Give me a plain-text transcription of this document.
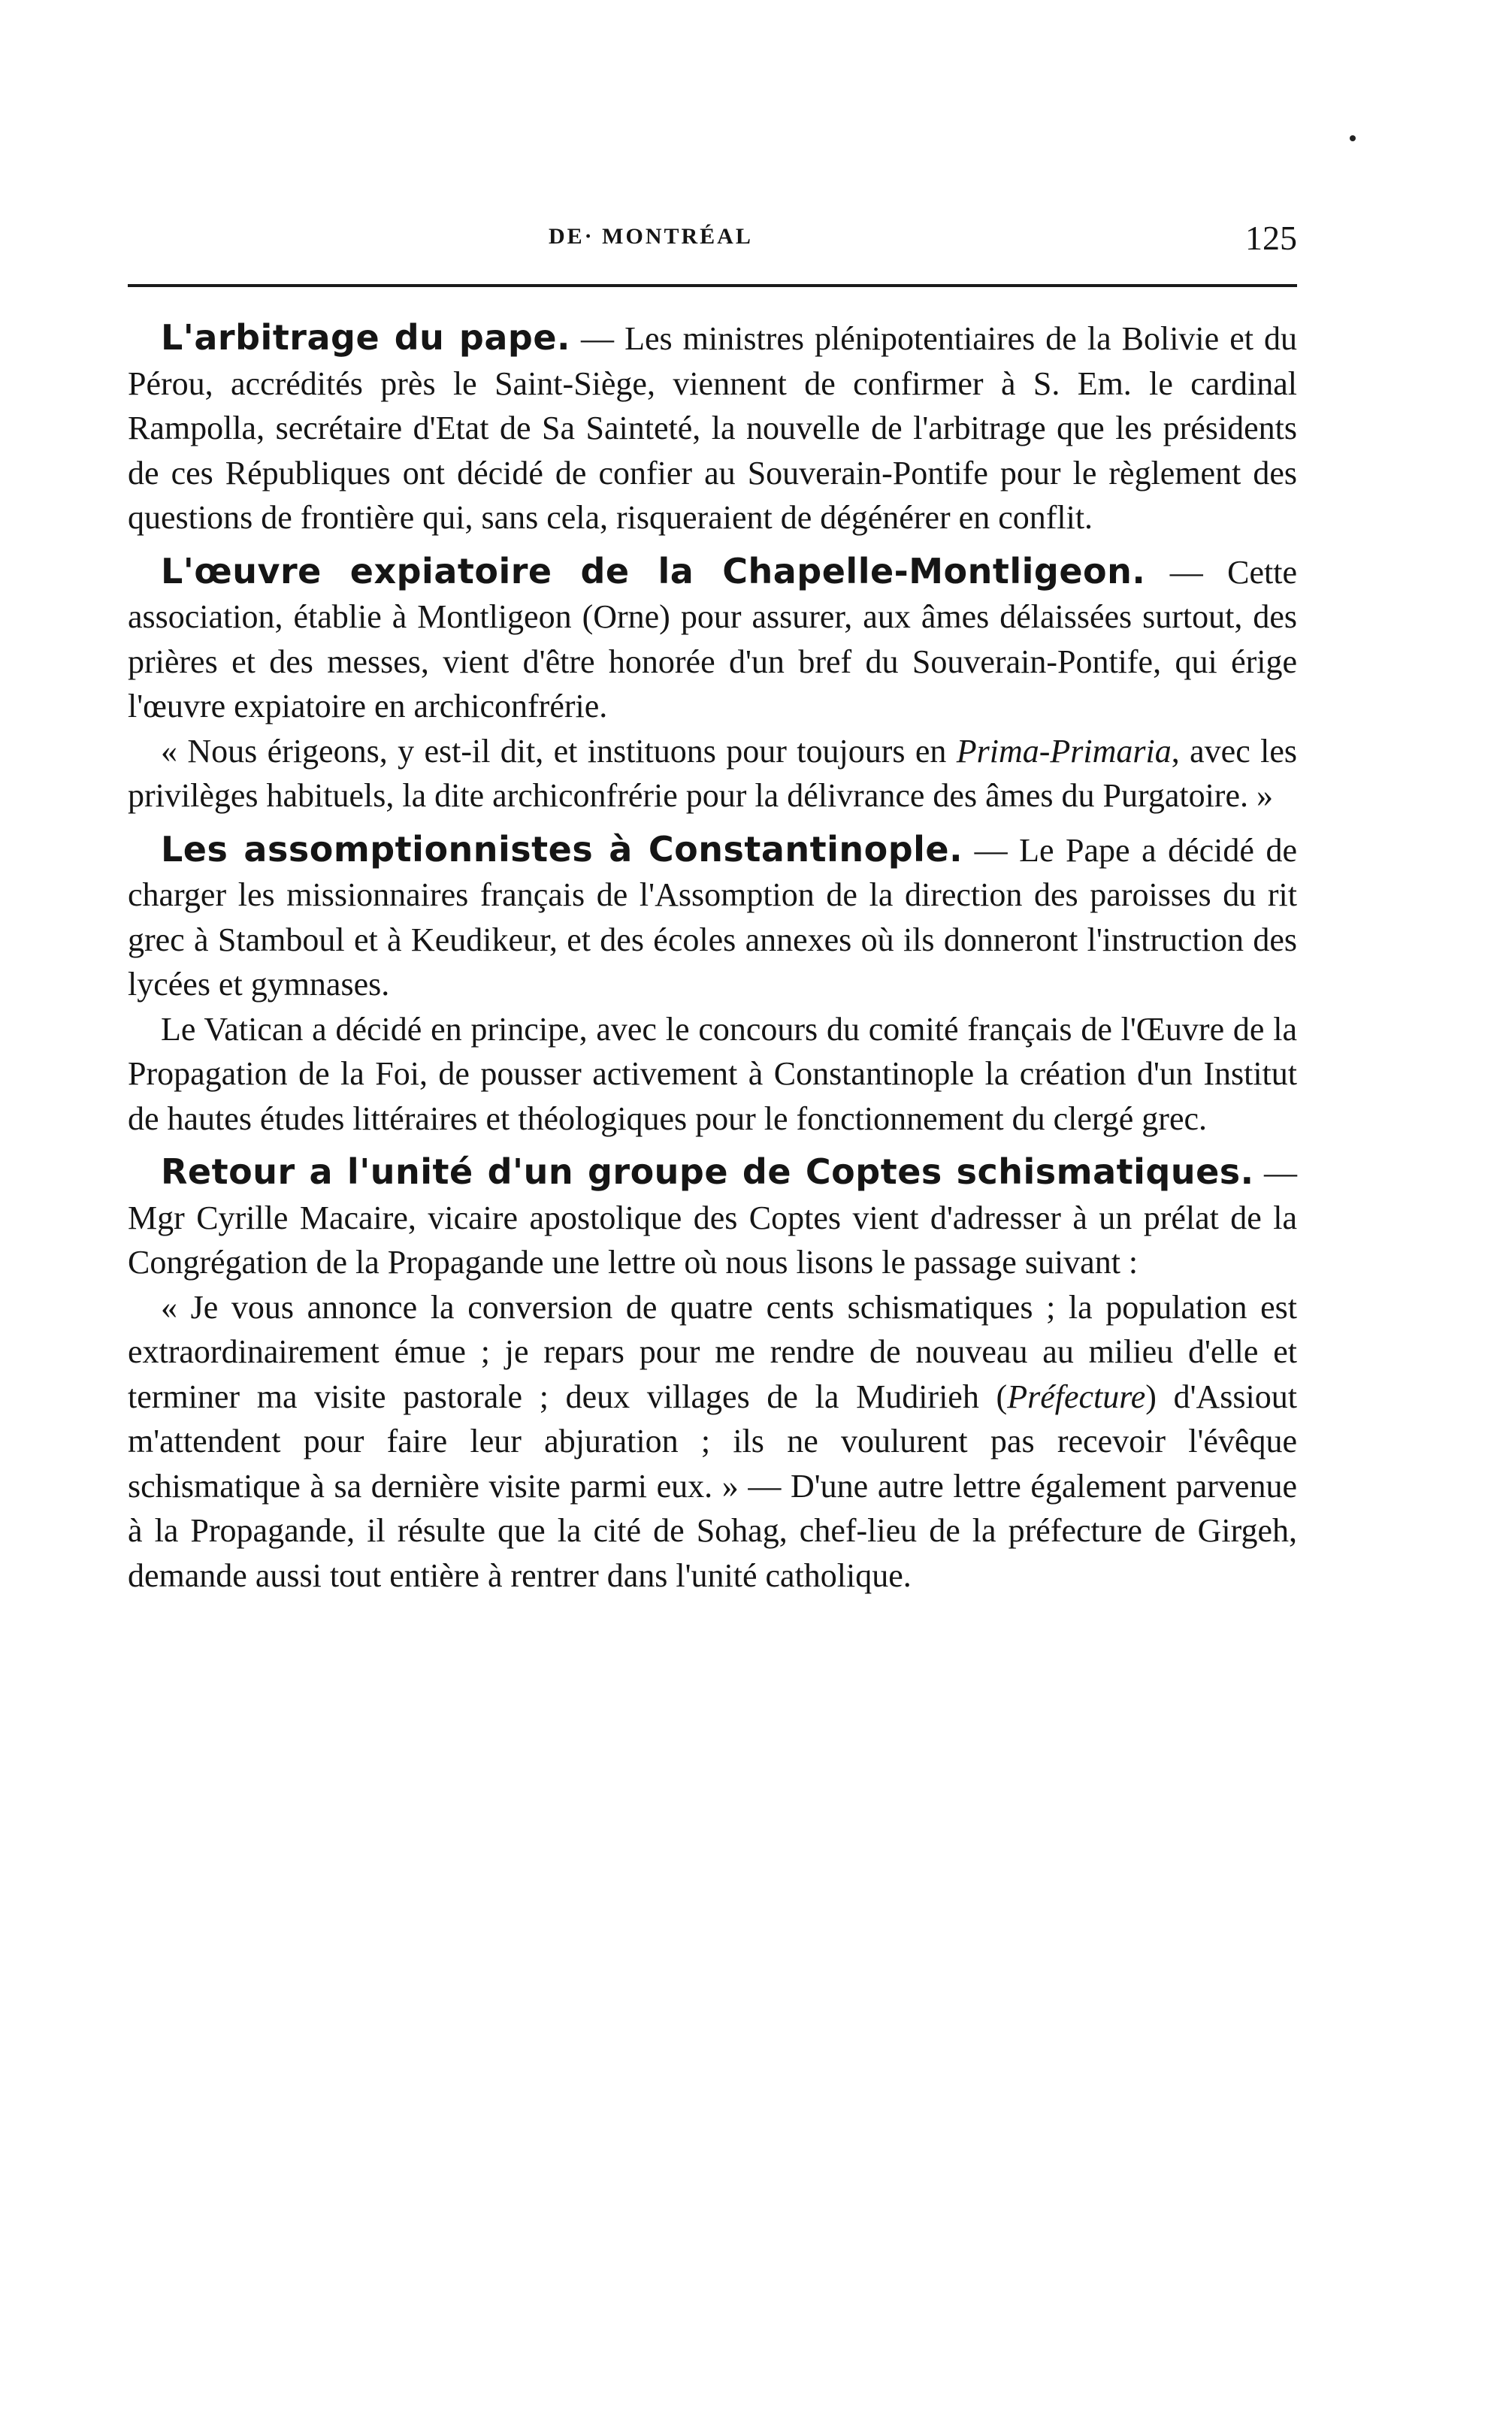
DE· MONTRÉAL	125

L'arbitrage du pape. — Les ministres plénipotentiaires de la Bolivie et du Pérou, accrédités près le Saint-Siège, viennent de confirmer à S. Em. le cardinal Rampolla, secrétaire d'Etat de Sa Sainteté, la nouvelle de l'arbitrage que les présidents de ces Républiques ont décidé de confier au Souverain-Pontife pour le règlement des questions de frontière qui, sans cela, risqueraient de dégénérer en conflit.

L'œuvre expiatoire de la Chapelle-Montligeon. — Cette association, établie à Montligeon (Orne) pour assurer, aux âmes délaissées surtout, des prières et des messes, vient d'être honorée d'un bref du Souverain-Pontife, qui érige l'œuvre expiatoire en archiconfrérie.

« Nous érigeons, y est-il dit, et instituons pour toujours en Prima-Primaria, avec les privilèges habituels, la dite archiconfrérie pour la délivrance des âmes du Purgatoire. »

Les assomptionnistes à Constantinople. — Le Pape a décidé de charger les missionnaires français de l'Assomption de la direction des paroisses du rit grec à Stamboul et à Keudikeur, et des écoles annexes où ils donneront l'instruction des lycées et gymnases.

Le Vatican a décidé en principe, avec le concours du comité français de l'Œuvre de la Propagation de la Foi, de pousser activement à Constantinople la création d'un Institut de hautes études littéraires et théologiques pour le fonctionnement du clergé grec.

Retour a l'unité d'un groupe de Coptes schismatiques. — Mgr Cyrille Macaire, vicaire apostolique des Coptes vient d'adresser à un prélat de la Congrégation de la Propagande une lettre où nous lisons le passage suivant :

« Je vous annonce la conversion de quatre cents schismatiques ; la population est extraordinairement émue ; je repars pour me rendre de nouveau au milieu d'elle et terminer ma visite pastorale ; deux villages de la Mudirieh (Préfecture) d'Assiout m'attendent pour faire leur abjuration ; ils ne voulurent pas recevoir l'évêque schismatique à sa dernière visite parmi eux. » — D'une autre lettre également parvenue à la Propagande, il résulte que la cité de Sohag, chef-lieu de la préfecture de Girgeh, demande aussi tout entière à rentrer dans l'unité catholique.
